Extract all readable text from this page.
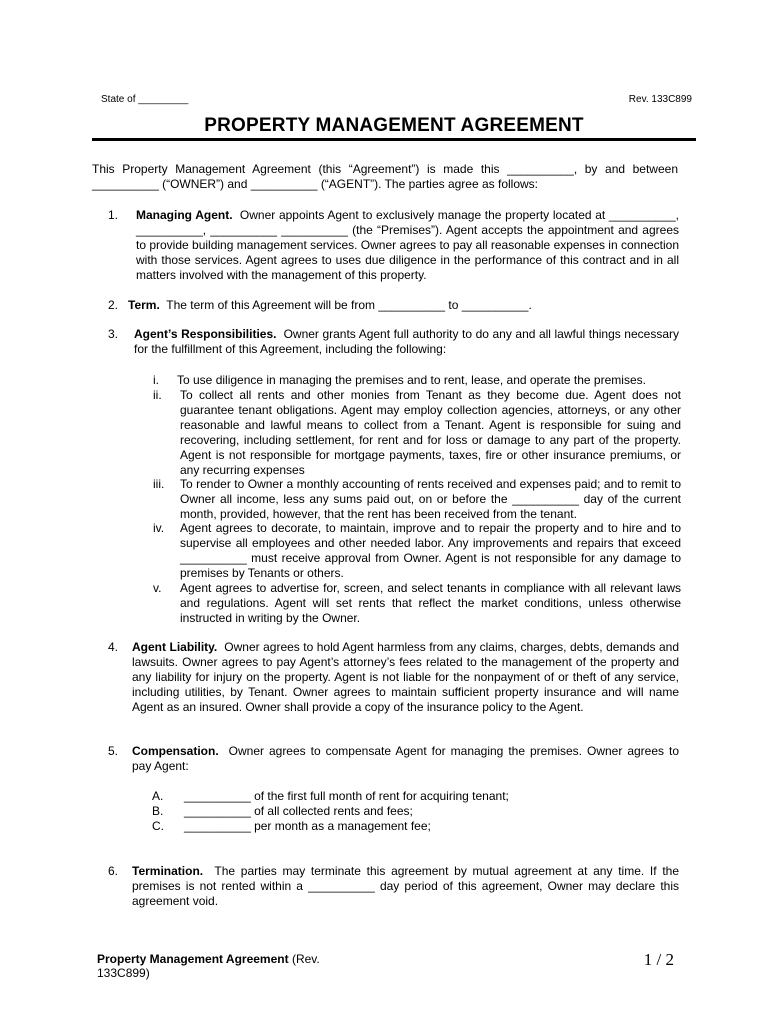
State of _________	Rev. 133C899
PROPERTY MANAGEMENT AGREEMENT
This Property Management Agreement (this “Agreement”) is made this __________, by and between __________ (“OWNER”) and __________ (“AGENT”). The parties agree as follows:
1. Managing Agent. Owner appoints Agent to exclusively manage the property located at __________, __________, __________ __________ (the “Premises”). Agent accepts the appointment and agrees to provide building management services. Owner agrees to pay all reasonable expenses in connection with those services. Agent agrees to uses due diligence in the performance of this contract and in all matters involved with the management of this property.
2. Term. The term of this Agreement will be from __________ to __________.
3. Agent’s Responsibilities. Owner grants Agent full authority to do any and all lawful things necessary for the fulfillment of this Agreement, including the following:
i. To use diligence in managing the premises and to rent, lease, and operate the premises.
ii. To collect all rents and other monies from Tenant as they become due. Agent does not guarantee tenant obligations. Agent may employ collection agencies, attorneys, or any other reasonable and lawful means to collect from a Tenant. Agent is responsible for suing and recovering, including settlement, for rent and for loss or damage to any part of the property. Agent is not responsible for mortgage payments, taxes, fire or other insurance premiums, or any recurring expenses
iii. To render to Owner a monthly accounting of rents received and expenses paid; and to remit to Owner all income, less any sums paid out, on or before the __________ day of the current month, provided, however, that the rent has been received from the tenant.
iv. Agent agrees to decorate, to maintain, improve and to repair the property and to hire and to supervise all employees and other needed labor. Any improvements and repairs that exceed __________ must receive approval from Owner. Agent is not responsible for any damage to premises by Tenants or others.
v. Agent agrees to advertise for, screen, and select tenants in compliance with all relevant laws and regulations. Agent will set rents that reflect the market conditions, unless otherwise instructed in writing by the Owner.
4. Agent Liability. Owner agrees to hold Agent harmless from any claims, charges, debts, demands and lawsuits. Owner agrees to pay Agent’s attorney’s fees related to the management of the property and any liability for injury on the property. Agent is not liable for the nonpayment of or theft of any service, including utilities, by Tenant. Owner agrees to maintain sufficient property insurance and will name Agent as an insured. Owner shall provide a copy of the insurance policy to the Agent.
5. Compensation. Owner agrees to compensate Agent for managing the premises. Owner agrees to pay Agent:
A. __________ of the first full month of rent for acquiring tenant;
B. __________ of all collected rents and fees;
C. __________ per month as a management fee;
6. Termination. The parties may terminate this agreement by mutual agreement at any time. If the premises is not rented within a __________ day period of this agreement, Owner may declare this agreement void.
Property Management Agreement (Rev. 133C899)
1 / 2
